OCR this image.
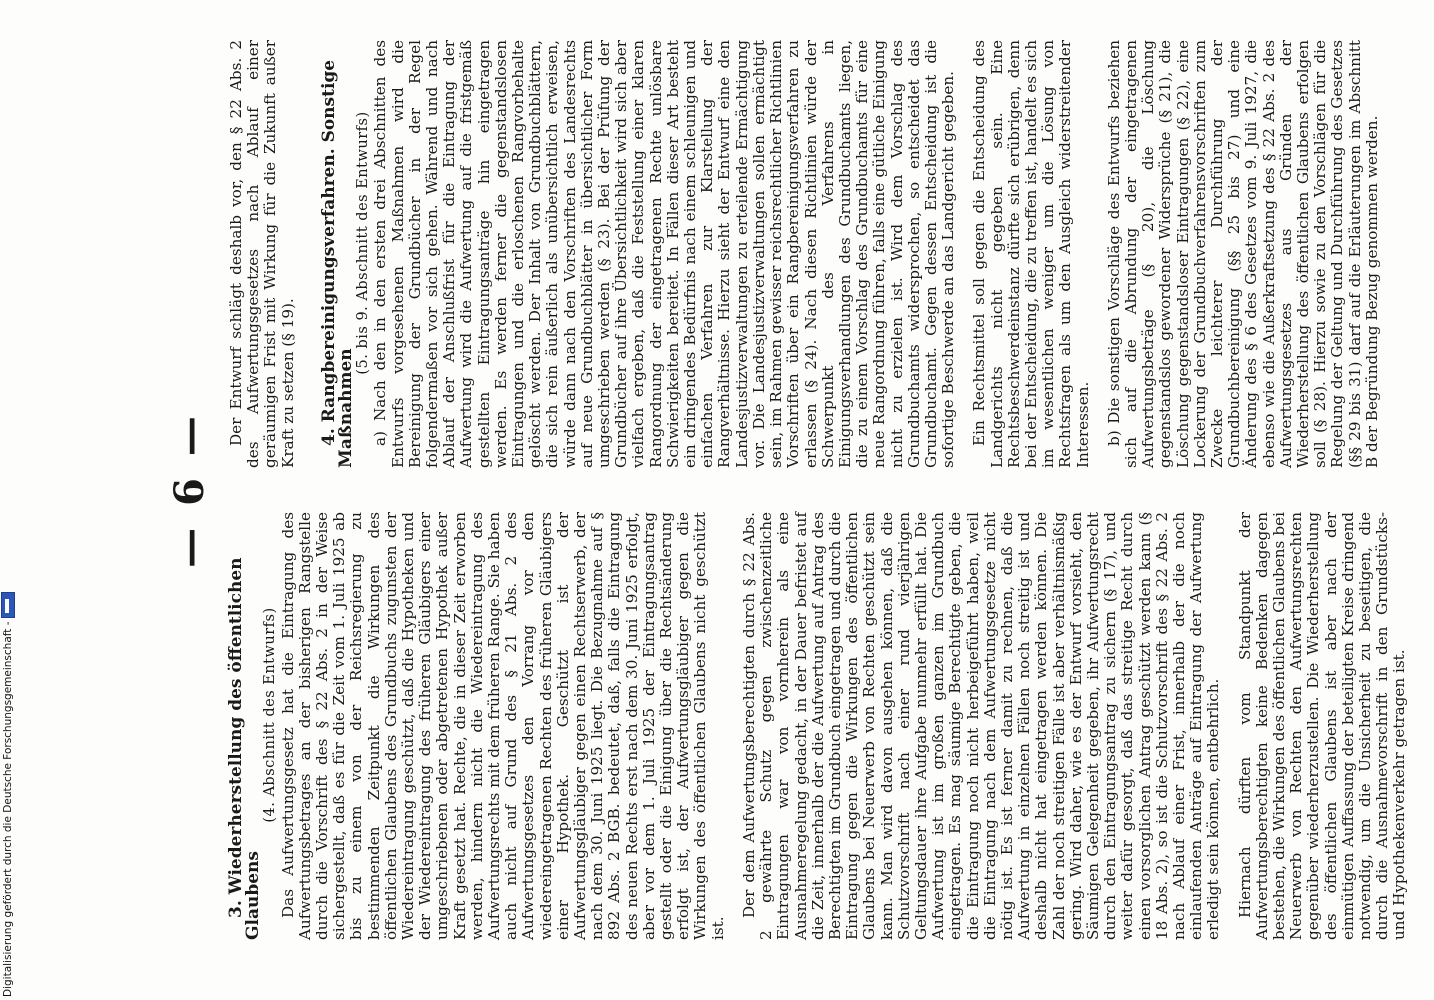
— 6 —

3. Wiederherstellung des öffentlichen Glaubens

(4. Abschnitt des Entwurfs) Das Aufwertungsgesetz hat die Eintragung des Aufwertungsbetrages an der bisherigen Rangstelle durch die Vorschrift des § 22 Abs. 2 in der Weise sichergestellt, daß es für die Zeit vom 1. Juli 1925 ab bis zu einem von der Reichsregierung zu bestimmenden Zeitpunkt die Wirkungen des öffentlichen Glaubens des Grundbuchs zugunsten der Wiedereintragung geschützt, daß die Hypotheken und der Wiedereintragung des früheren Gläubigers einer umgeschriebenen oder abgetretenen Hypothek außer Kraft gesetzt hat. Rechte, die in dieser Zeit erworben werden, hindern nicht die Wiedereintragung des Aufwertungsrechts mit dem früheren Range. Sie haben auch nicht auf Grund des § 21 Abs. 2 des Aufwertungsgesetzes den Vorrang vor den wiedereingetragenen Rechten des früheren Gläubigers einer Hypothek. Geschützt ist der Aufwertungsgläubiger gegen einen Rechtserwerb, der nach dem 30. Juni 1925 liegt. Die Bezugnahme auf § 892 Abs. 2 BGB. bedeutet, daß, falls die Eintragung des neuen Rechts erst nach dem 30. Juni 1925 erfolgt, aber vor dem 1. Juli 1925 der Eintragungsantrag gestellt oder die Einigung über die Rechtsänderung erfolgt ist, der Aufwertungsgläubiger gegen die Wirkungen des öffentlichen Glaubens nicht geschützt ist.

Der dem Aufwertungsberechtigten durch § 22 Abs. 2 gewährte Schutz gegen zwischenzeitliche Eintragungen war von vornherein als eine Ausnahmeregelung gedacht, in der Dauer befristet auf die Zeit, innerhalb der die Aufwertung auf Antrag des Berechtigten im Grundbuch eingetragen und durch die Eintragung gegen die Wirkungen des öffentlichen Glaubens bei Neuerwerb von Rechten geschützt sein kann. Man wird davon ausgehen können, daß die Schutzvorschrift nach einer rund vierjährigen Geltungsdauer ihre Aufgabe nunmehr erfüllt hat. Die Aufwertung ist im großen ganzen im Grundbuch eingetragen. Es mag säumige Berechtigte geben, die die Eintragung noch nicht herbeigeführt haben, weil die Eintragung nach dem Aufwertungsgesetze nicht nötig ist. Es ist ferner damit zu rechnen, daß die Aufwertung in einzelnen Fällen noch streitig ist und deshalb nicht hat eingetragen werden können. Die Zahl der noch streitigen Fälle ist aber verhältnismäßig gering. Wird daher, wie es der Entwurf vorsieht, den Säumigen Gelegenheit gegeben, ihr Aufwertungsrecht durch den Eintragungsantrag zu sichern (§ 17), und weiter dafür gesorgt, daß das streitige Recht durch einen vorsorglichen Antrag geschützt werden kann (§ 18 Abs. 2), so ist die Schutzvorschrift des § 22 Abs. 2 nach Ablauf einer Frist, innerhalb der die noch einlaufenden Anträge auf Eintragung der Aufwertung erledigt sein können, entbehrlich. Hiernach dürften vom Standpunkt der Aufwertungsberechtigten keine Bedenken dagegen bestehen, die Wirkungen des öffentlichen Glaubens bei Neuerwerb von Rechten den Aufwertungsrechten gegenüber wiederherzustellen. Die Wiederherstellung des öffentlichen Glaubens ist aber nach der einmütigen Auffassung der beteiligten Kreise dringend notwendig, um die Unsicherheit zu beseitigen, die durch die Ausnahmevorschrift in den Grundstücks- und Hypothekenverkehr getragen ist.

Der Entwurf schlägt deshalb vor, den § 22 Abs. 2 des Aufwertungsgesetzes nach Ablauf einer geräumigen Frist mit Wirkung für die Zukunft außer Kraft zu setzen (§ 19). 4. Rangbereinigungsverfahren. Sonstige Maßnahmen

(5. bis 9. Abschnitt des Entwurfs) a) Nach den in den ersten drei Abschnitten des Entwurfs vorgesehenen Maßnahmen wird die Bereinigung der Grundbücher in der Regel folgendermaßen vor sich gehen. Während und nach Ablauf der Anschlußfrist für die Eintragung der Aufwertung wird die Aufwertung auf die fristgemäß gestellten Eintragungsanträge hin eingetragen werden. Es werden ferner die gegenstandslosen Eintragungen und die erloschenen Rangvorbehalte gelöscht werden. Der Inhalt von Grundbuchblättern, die sich rein äußerlich als unübersichtlich erweisen, würde dann nach den Vorschriften des Landesrechts auf neue Grundbuchblätter in übersichtlicher Form umgeschrieben werden (§ 23). Bei der Prüfung der Grundbücher auf ihre Übersichtlichkeit wird sich aber vielfach ergeben, daß die Feststellung einer klaren Rangordnung der eingetragenen Rechte unlösbare Schwierigkeiten bereitet. In Fällen dieser Art besteht ein dringendes Bedürfnis nach einem schleunigen und einfachen Verfahren zur Klarstellung der Rangverhältnisse. Hierzu sieht der Entwurf eine den Landesjustizverwaltungen zu erteilende Ermächtigung vor. Die Landesjustizverwaltungen sollen ermächtigt sein, im Rahmen gewisser reichsrechtlicher Richtlinien Vorschriften über ein Rangbereinigungsverfahren zu erlassen (§ 24). Nach diesen Richtlinien würde der Schwerpunkt des Verfahrens in Einigungsverhandlungen des Grundbuchamts liegen, die zu einem Vorschlag des Grundbuchamts für eine neue Rangordnung führen, falls eine gütliche Einigung nicht zu erzielen ist. Wird dem Vorschlag des Grundbuchamts widersprochen, so entscheidet das Grundbuchamt. Gegen dessen Entscheidung ist die sofortige Beschwerde an das Landgericht gegeben. Ein Rechtsmittel soll gegen die Entscheidung des Landgerichts nicht gegeben sein. Eine Rechtsbeschwerdeinstanz dürfte sich erübrigen, denn bei der Entscheidung, die zu treffen ist, handelt es sich im wesentlichen weniger um die Lösung von Rechtsfragen als um den Ausgleich widerstreitender Interessen. b) Die sonstigen Vorschläge des Entwurfs beziehen sich auf die Abrundung der eingetragenen Aufwertungsbeträge (§ 20), die Löschung gegenstandslos gewordener Widersprüche (§ 21), die Löschung gegenstandsloser Eintragungen (§ 22), eine Lockerung der Grundbuchverfahrensvorschriften zum Zwecke leichterer Durchführung der Grundbuchbereinigung (§§ 25 bis 27) und eine Änderung des § 6 des Gesetzes vom 9. Juli 1927, die ebenso wie die Außerkraftsetzung des § 22 Abs. 2 des Aufwertungsgesetzes aus Gründen der Wiederherstellung des öffentlichen Glaubens erfolgen soll (§ 28). Hierzu sowie zu den Vorschlägen für die Regelung der Geltung und Durchführung des Gesetzes (§§ 29 bis 31) darf auf die Erläuterungen im Abschnitt B der Begründung Bezug genommen werden.

Digitalisierung gefördert durch die Deutsche Forschungsgemeinschaft -
